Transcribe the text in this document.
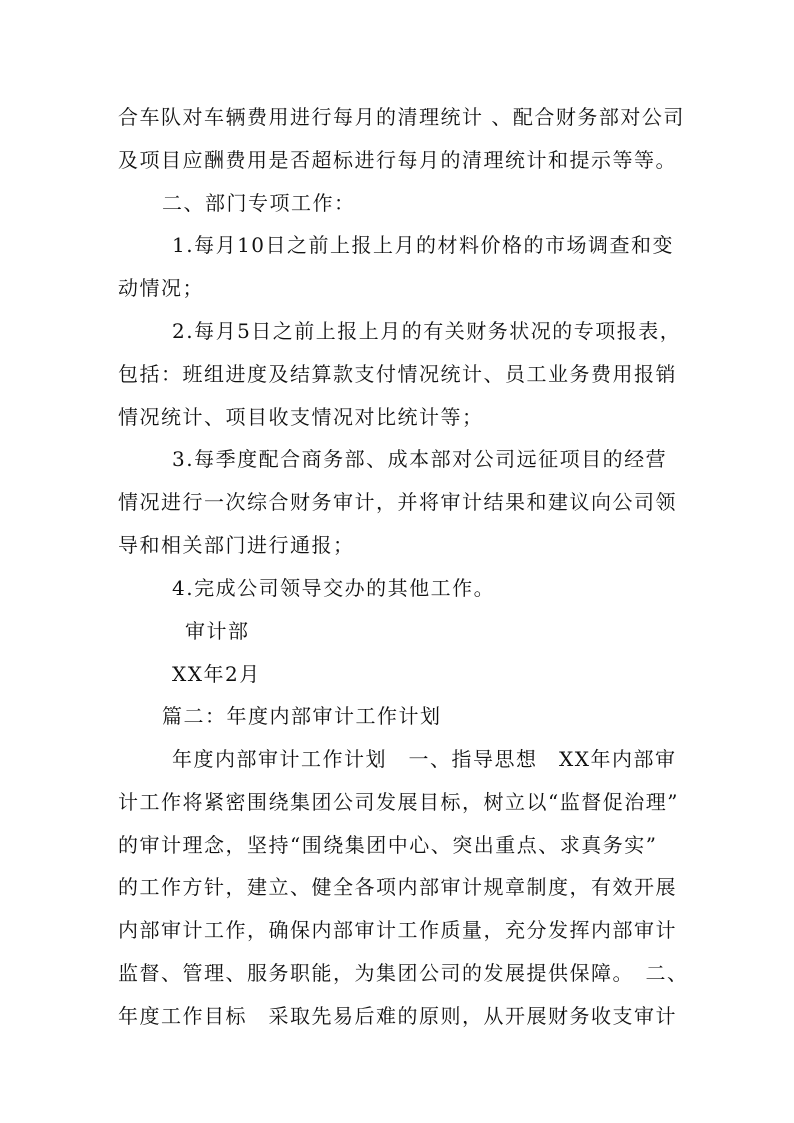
合车队对车辆费用进行每月的清理统计 、配合财务部对公司

及项目应酬费用是否超标进行每月的清理统计和提示等等。

二、部门专项工作：

1.每月10日之前上报上月的材料价格的市场调查和变

动情况；

2.每月5日之前上报上月的有关财务状况的专项报表，

包括：班组进度及结算款支付情况统计、员工业务费用报销

情况统计、项目收支情况对比统计等；

3.每季度配合商务部、成本部对公司远征项目的经营

情况进行一次综合财务审计，并将审计结果和建议向公司领

导和相关部门进行通报；

4.完成公司领导交办的其他工作。

审计部

XX年2月

篇二：年度内部审计工作计划

年度内部审计工作计划　一、指导思想　XX年内部审

计工作将紧密围绕集团公司发展目标，树立以“监督促治理”

的审计理念，坚持“围绕集团中心、突出重点、求真务实”

的工作方针，建立、健全各项内部审计规章制度，有效开展

内部审计工作，确保内部审计工作质量，充分发挥内部审计

监督、管理、服务职能，为集团公司的发展提供保障。　二、

年度工作目标　采取先易后难的原则，从开展财务收支审计
